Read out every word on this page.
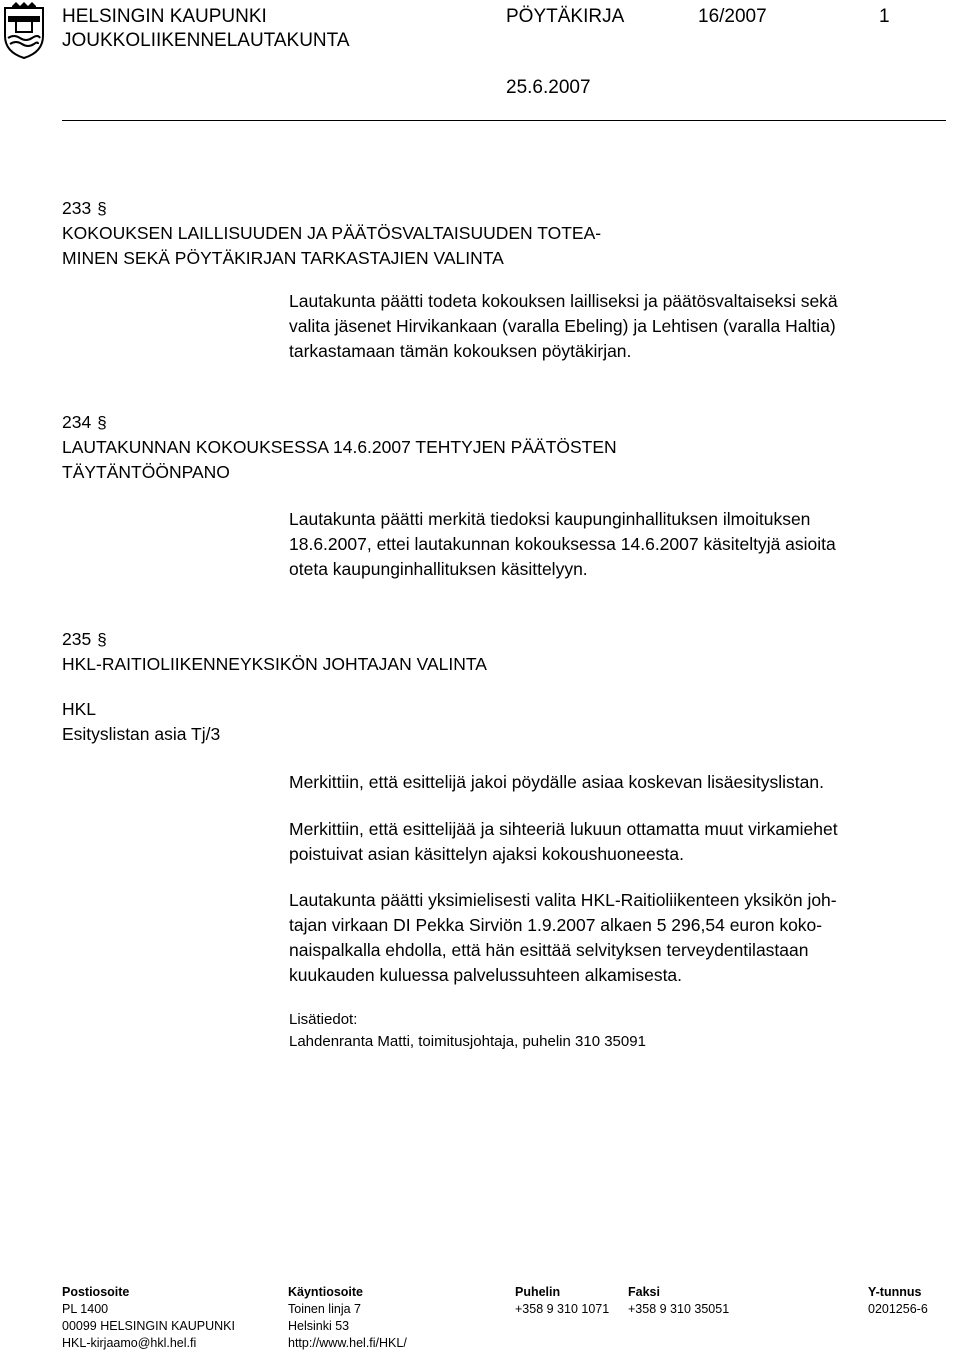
HELSINGIN KAUPUNKI
JOUKKOLIIKENNELAUTAKUNTA
PÖYTÄKIRJA	16/2007	1
25.6.2007
233 §
KOKOUKSEN LAILLISUUDEN JA PÄÄTÖSVALTAISUUDEN TOTEA-
MINEN SEKÄ PÖYTÄKIRJAN TARKASTAJIEN VALINTA
Lautakunta päätti todeta kokouksen lailliseksi ja päätösvaltaiseksi sekä
valita jäsenet Hirvikankaan (varalla Ebeling) ja Lehtisen (varalla Haltia)
tarkastamaan tämän kokouksen pöytäkirjan.
234 §
LAUTAKUNNAN KOKOUKSESSA 14.6.2007 TEHTYJEN PÄÄTÖSTEN
TÄYTÄNTÖÖNPANO
Lautakunta päätti merkitä tiedoksi kaupunginhallituksen ilmoituksen
18.6.2007, ettei lautakunnan kokouksessa 14.6.2007 käsiteltyjä asioita
oteta kaupunginhallituksen käsittelyyn.
235 §
HKL-RAITIOLIIKENNEYKSIKÖN JOHTAJAN VALINTA
HKL
Esityslistan asia Tj/3
Merkittiin, että esittelijä jakoi pöydälle asiaa koskevan lisäesityslistan.
Merkittiin, että esittelijää ja sihteeriä lukuun ottamatta muut virkamiehet
poistuivat asian käsittelyn ajaksi kokoushuoneesta.
Lautakunta päätti yksimielisesti valita HKL-Raitioliikenteen yksikön joh-
tajan virkaan DI Pekka Sirviön 1.9.2007 alkaen 5 296,54 euron koko-
naispalkalla ehdolla, että hän esittää selvityksen terveydentilastaan
kuukauden kuluessa palvelussuhteen alkamisesta.
Lisätiedot:
Lahdenranta Matti, toimitusjohtaja, puhelin 310 35091
Postiosoite
PL 1400
00099 HELSINGIN KAUPUNKI
HKL-kirjaamo@hkl.hel.fi
Käyntiosoite
Toinen linja 7
Helsinki 53
http://www.hel.fi/HKL/
Puhelin
+358 9 310 1071
Faksi
+358 9 310 35051
Y-tunnus
0201256-6
